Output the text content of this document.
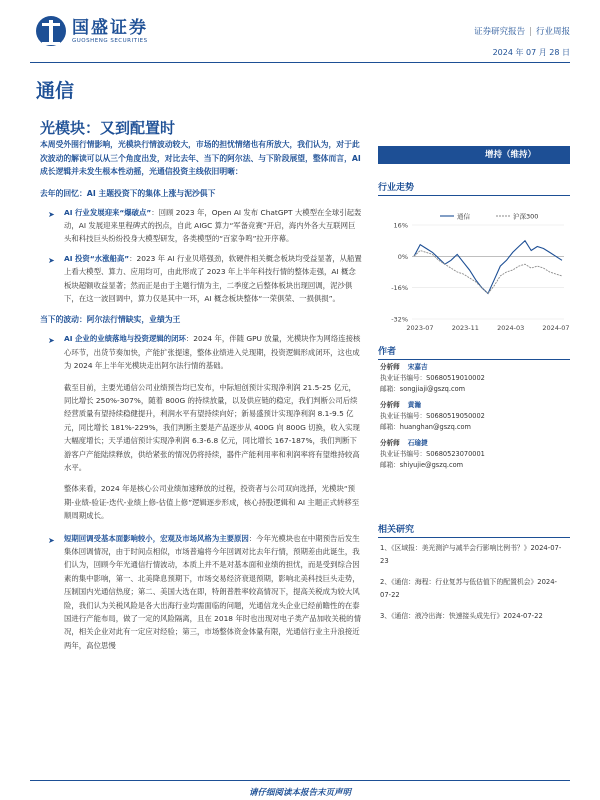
国盛证券
GUOSHENG SECURITIES
证券研究报告 | 行业周报
2024 年 07 月 28 日
通信
光模块：又到配置时
本周受外围行情影响，光模块行情波动较大，市场的担忧情绪也有所放大，我们认为，对于此次波动的解读可以从三个角度出发，对比去年、当下的阿尔法、与下阶段展望，整体而言，AI 成长逻辑并未发生根本性动摇，光通信投资主线依旧明晰：
去年的回忆：AI 主题投资下的集体上涨与泥沙俱下
➤ AI 行业发展迎来“爆破点”：回顾 2023 年，Open AI 发布 ChatGPT 大模型在全球引起轰动，AI 发展迎来里程碑式的拐点，自此 AIGC 算力“军备竞赛”开启，海内外各大互联网巨头和科技巨头纷纷投身大模型研发，各类模型的“百家争鸣”拉开序幕。
➤ AI 投资“水涨船高”：2023 年 AI 行业贝塔强劲，软硬件相关概念板块均受益显著，从船置上看大模型、算力、应用均可，由此形成了 2023 年上半年科技行情的整体走强，AI 概念板块超额收益显著；然而正是由于主题行情为主，二季度之后整体板块出现回调，泥沙俱下，在这一波回调中，算力仅是其中一环，AI 概念板块整体“一荣俱荣、一损俱损”。
当下的波动：阿尔法行情缺实，业绩为王
➤ AI 企业的业绩落地与投资逻辑的闭环：2024 年，伴随 GPU 放量，光模块作为网络连接核心环节，出货节奏加快，产能扩张提速，整体业绩进入兑现期，投资逻辑形成闭环，这也成为 2024 年上半年光模块走出阿尔法行情的基础。
截至目前，主要光通信公司业绩预告均已发布，中际旭创预计实现净利润 21.5-25 亿元，同比增长 250%-307%，随着 800G 的持续放量，以及供应链的稳定，我们判断公司后续经营质量有望持续稳健提升，利润水平有望持续向好；新易盛预计实现净利润 8.1-9.5 亿元，同比增长 181%-229%，我们判断主要是产品逐步从 400G 向 800G 切换，收入实现大幅度增长；天孚通信预计实现净利润 6.3-6.8 亿元，同比增长 167-187%，我们判断下游客户产能陆续释放，供给紧张的情况仍将持续，器件产能利用率和利润率将有望维持较高水平。
整体来看，2024 年是核心公司业绩加速释放的过程，投资者与公司双向选择，光模块“预期-业绩-验证-迭代-业绩上修-估值上修”逻辑逐步形成，核心持股逻辑和 AI 主题正式转移至顺周期成长。
➤ 短期回调受基本面影响较小，宏观及市场风格为主要原因：今年光模块也在中期预告后发生集体回调情况，由于时间点相似，市场普遍将今年回调对比去年行情，预期差由此诞生，我们认为，回顾今年光通信行情波动，本质上并不是对基本面和业绩的担忧，而是受到综合因素的集中影响，第一、北美降息预期下，市场交易经济衰退预期，影响北美科技巨头走势，压制国内光通信热度；第二、美国大选在即，特朗普胜率较高情况下，提高关税成为较大风险，我们认为关税风险是各大出海行业均需面临的问题，光通信龙头企业已经前瞻性的在泰国进行产能布局，做了一定的风险隔离，且在 2018 年时也出现对电子类产品加收关税的情况，相关企业对此有一定应对经验；第三，市场整体资金体量有限，光通信行业主升浪接近两年，高位思慢
增持（维持）
行业走势
16%
0%
-16%
-32%
2023-07	2023-11	2024-03	2024-07
通信	沪深300
作者
分析师 宋嘉吉
执业证书编号：S0680519010002
邮箱：songjiaji@gszq.com
分析师 黄瀚
执业证书编号：S0680519050002
邮箱：huanghan@gszq.com
分析师 石瑜捷
执业证书编号：S0680523070001
邮箱：shiyujie@gszq.com
相关研究
1、《区域报：美光测沪与减半会行影响比例书？》2024-07-23
2、《通信：海程：行业复苏与低估值下的配置机会》2024-07-22
3、《通信：液冷出海：快速接头成先行》2024-07-22
请仔细阅读本报告末页声明
